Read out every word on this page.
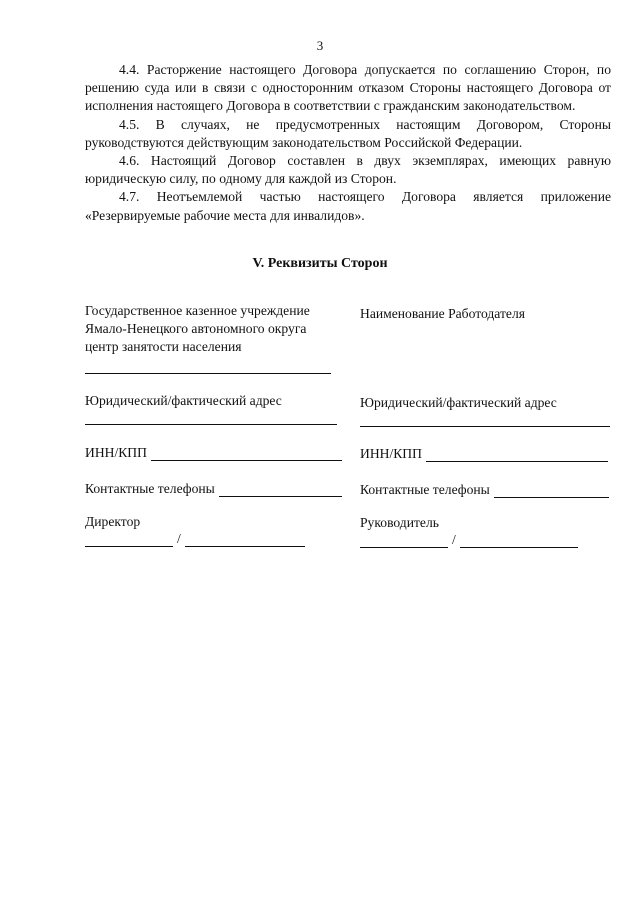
3

4.4. Расторжение настоящего Договора допускается по соглашению Сторон, по решению суда или в связи с односторонним отказом Стороны настоящего Договора от исполнения настоящего Договора в соответствии с гражданским законодательством.

4.5. В случаях, не предусмотренных настоящим Договором, Стороны руководствуются действующим законодательством Российской Федерации.

4.6. Настоящий Договор составлен в двух экземплярах, имеющих равную юридическую силу, по одному для каждой из Сторон.

4.7. Неотъемлемой частью настоящего Договора является приложение «Резервируемые рабочие места для инвалидов».

V. Реквизиты Сторон
Государственное казенное учреждение
Ямало-Ненецкого автономного округа
центр занятости населения
Юридический/фактический адрес
ИНН/КПП
Контактные телефоны
Директор
/
Наименование Работодателя
Юридический/фактический адрес
ИНН/КПП
Контактные телефоны
Руководитель
/
